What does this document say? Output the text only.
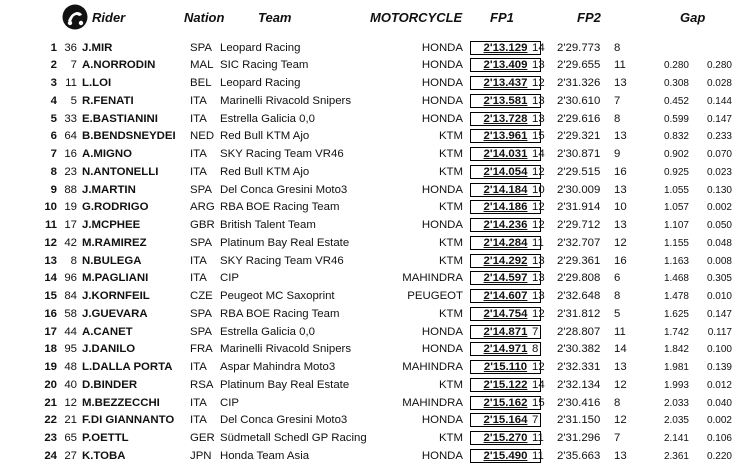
Rider	Nation	Team	MOTORCYCLE FP1	FP2	Gap
1 36 J.MIR	SPA Leopard Racing	HONDA	2'13.129 14 2'29.773 8
2	7 A.NORRODIN	MAL SIC Racing Team	HONDA	2'13.409 13 2'29.655 11	0.280	0.280
3 11 L.LOI	BEL Leopard Racing	HONDA	2'13.437 12 2'31.326 13	0.308	0.028
4	5 R.FENATI	ITA Marinelli Rivacold Snipers	HONDA	2'13.581 13 2'30.610 7	0.452	0.144
5 33 E.BASTIANINI	ITA Estrella Galicia 0,0	HONDA	2'13.728 13 2'29.616 8	0.599	0.147
6 64 B.BENDSNEYDEI	NED Red Bull KTM Ajo	KTM	2'13.961 15 2'29.321 13	0.832	0.233
7 16 A.MIGNO	ITA SKY Racing Team VR46	KTM	2'14.031 14 2'30.871 9	0.902	0.070
8 23 N.ANTONELLI	ITA Red Bull KTM Ajo	KTM	2'14.054 12 2'29.515 16	0.925	0.023
9 88 J.MARTIN	SPA Del Conca Gresini Moto3	HONDA	2'14.184 10 2'30.009 13	1.055	0.130
10 19 G.RODRIGO	ARG RBA BOE Racing Team	KTM	2'14.186 12 2'31.914 10	1.057	0.002
11 17 J.MCPHEE	GBR British Talent Team	HONDA	2'14.236 12 2'29.712 13	1.107	0.050
12 42 M.RAMIREZ	SPA Platinum Bay Real Estate	KTM	2'14.284 11 2'32.707 12	1.155	0.048
13	8 N.BULEGA	ITA SKY Racing Team VR46	KTM	2'14.292 13 2'29.361 16	1.163	0.008
14 96 M.PAGLIANI	ITA CIP	MAHINDRA	2'14.597 13 2'29.808 6	1.468	0.305
15 84 J.KORNFEIL	CZE Peugeot MC Saxoprint	PEUGEOT	2'14.607 13 2'32.648 8	1.478	0.010
16 58 J.GUEVARA	SPA RBA BOE Racing Team	KTM	2'14.754 12 2'31.812 5	1.625	0.147
17 44 A.CANET	SPA Estrella Galicia 0,0	HONDA	2'14.871 7 2'28.807 11	1.742	0.117
18 95 J.DANILO	FRA Marinelli Rivacold Snipers	HONDA	2'14.971 8 2'30.382 14	1.842	0.100
19 48 L.DALLA PORTA	ITA Aspar Mahindra Moto3	MAHINDRA	2'15.110 12 2'32.331 13	1.981	0.139
20 40 D.BINDER	RSA Platinum Bay Real Estate	KTM	2'15.122 14 2'32.134 12	1.993	0.012
21 12 M.BEZZECCHI	ITA CIP	MAHINDRA	2'15.162 15 2'30.416 8	2.033	0.040
22 21 F.DI GIANNANTO	ITA Del Conca Gresini Moto3	HONDA	2'15.164 7 2'31.150 12	2.035	0.002
23 65 P.OETTL	GER Südmetall Schedl GP Racing	KTM	2'15.270 11 2'31.296 7	2.141	0.106
24 27 K.TOBA	JPN Honda Team Asia	HONDA	2'15.490 11 2'35.663 13	2.361	0.220
